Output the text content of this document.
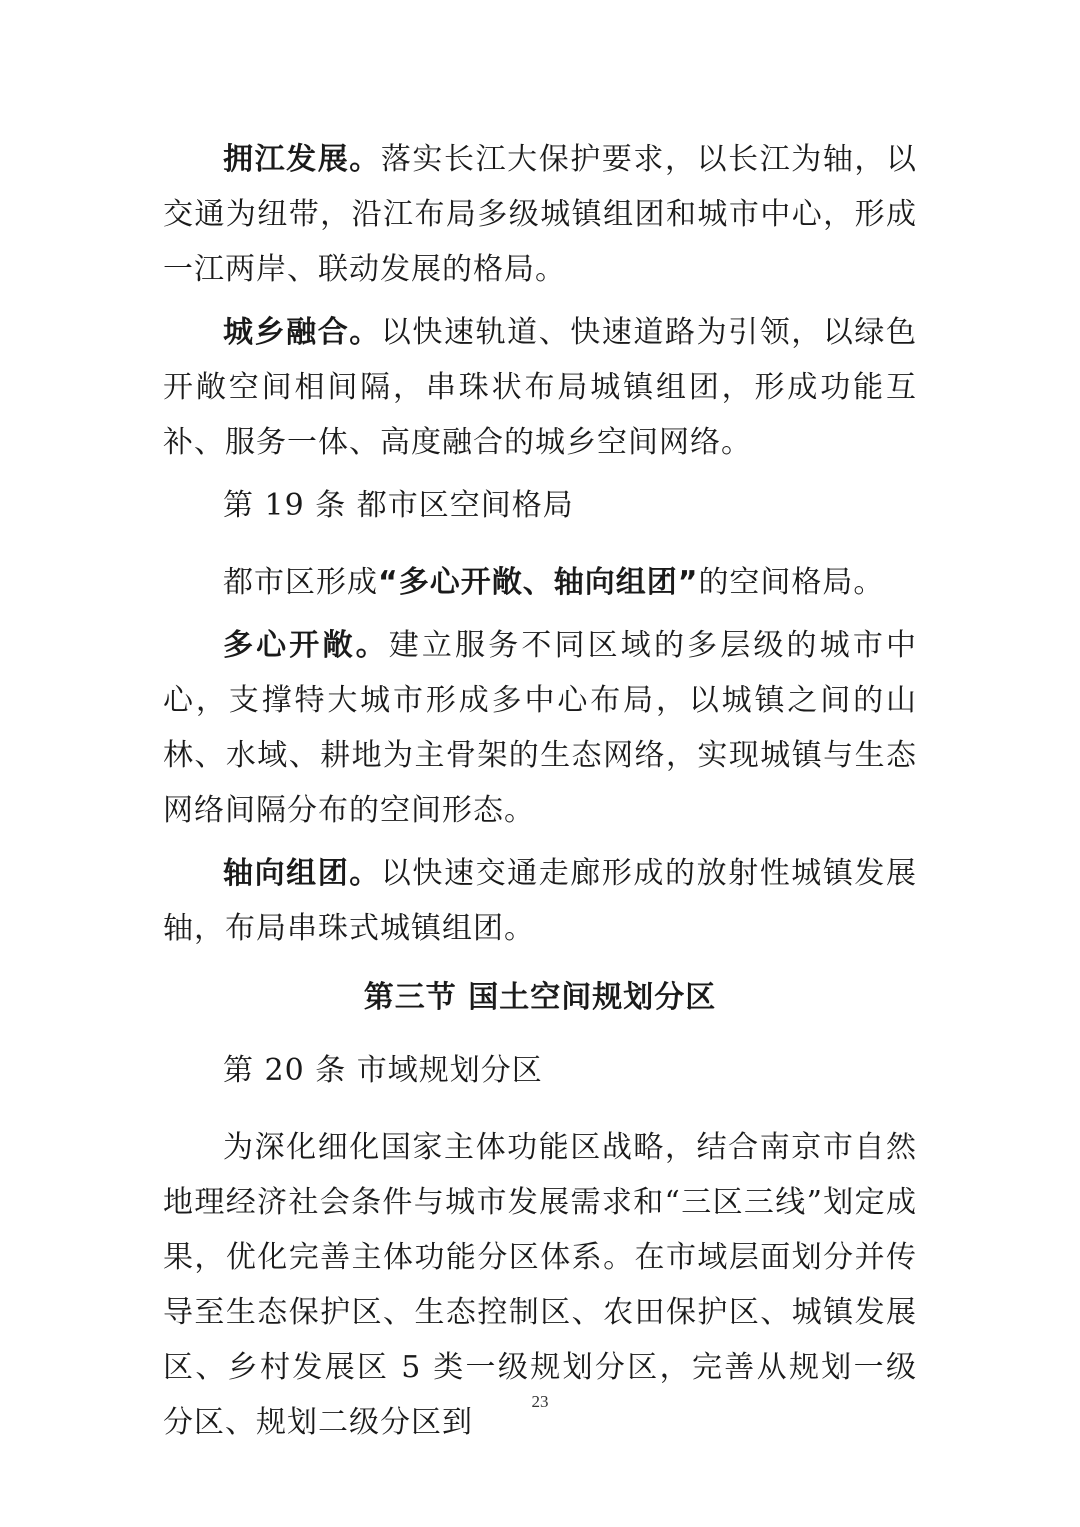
拥江发展。落实长江大保护要求，以长江为轴，以交通为纽带，沿江布局多级城镇组团和城市中心，形成一江两岸、联动发展的格局。

城乡融合。以快速轨道、快速道路为引领，以绿色开敞空间相间隔，串珠状布局城镇组团，形成功能互补、服务一体、高度融合的城乡空间网络。

第 19 条 都市区空间格局

都市区形成“多心开敞、轴向组团”的空间格局。

多心开敞。建立服务不同区域的多层级的城市中心，支撑特大城市形成多中心布局，以城镇之间的山林、水域、耕地为主骨架的生态网络，实现城镇与生态网络间隔分布的空间形态。

轴向组团。以快速交通走廊形成的放射性城镇发展轴，布局串珠式城镇组团。

第三节 国土空间规划分区

第 20 条 市域规划分区

为深化细化国家主体功能区战略，结合南京市自然地理经济社会条件与城市发展需求和“三区三线”划定成果，优化完善主体功能分区体系。在市域层面划分并传导至生态保护区、生态控制区、农田保护区、城镇发展区、乡村发展区 5 类一级规划分区，完善从规划一级分区、规划二级分区到

23
